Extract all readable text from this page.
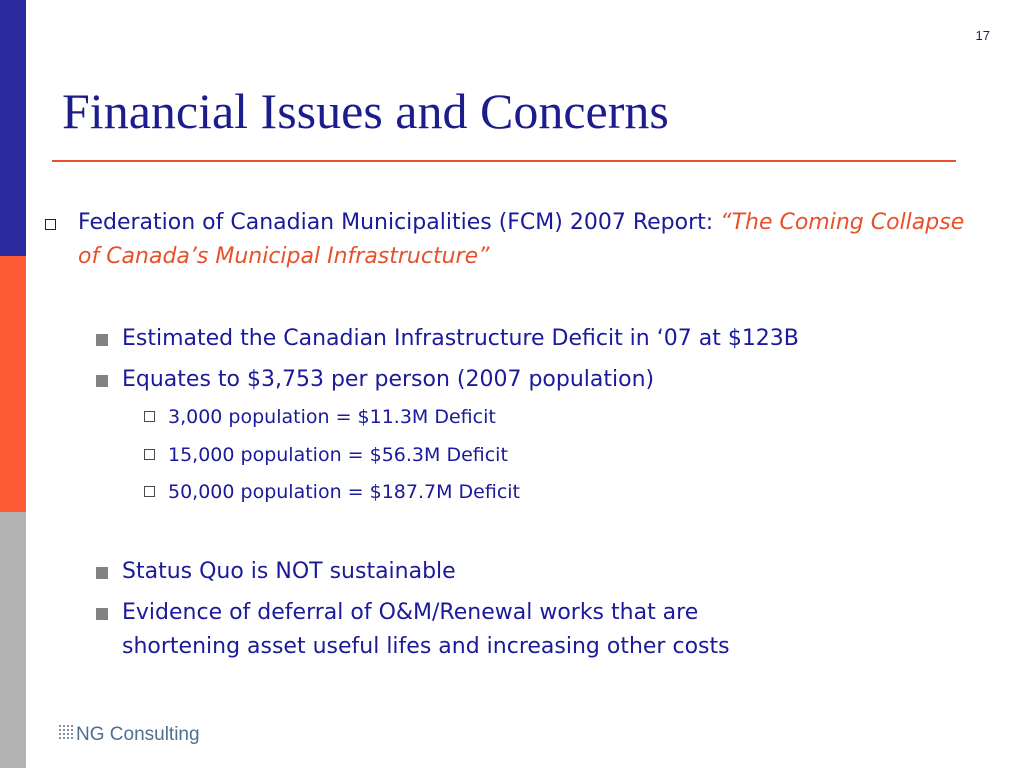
17
Financial Issues and Concerns
Federation of Canadian Municipalities (FCM) 2007 Report: “The Coming Collapse of Canada’s Municipal Infrastructure”
Estimated the Canadian Infrastructure Deficit in ‘07 at $123B
Equates to $3,753 per person (2007 population)
3,000 population = $11.3M Deficit
15,000 population = $56.3M Deficit
50,000 population = $187.7M Deficit
Status Quo is NOT sustainable
Evidence of deferral of O&M/Renewal works that are
shortening asset useful lifes and increasing other costs
NG Consulting
